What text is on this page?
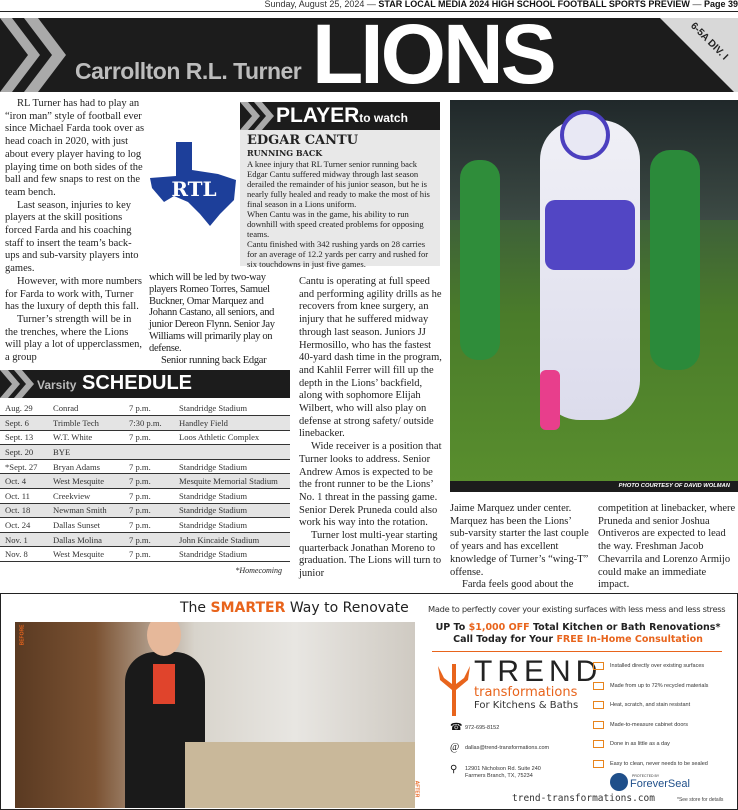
Sunday, August 25, 2024 — STAR LOCAL MEDIA 2024 HIGH SCHOOL FOOTBALL SPORTS PREVIEW — Page 39
Carrollton R.L. Turner LIONS	6-5A DIV. I

RL Turner has had to play an “iron man” style of football ever since Michael Farda took over as head coach in 2020, with just about every player having to log playing time on both sides of the ball and few snaps to rest on the team bench.

Last season, injuries to key players at the skill positions forced Farda and his coaching staff to insert the team’s back-ups and sub-varsity players into games.

However, with more numbers for Farda to work with, Turner has the luxury of depth this fall.

Turner’s strength will be in the trenches, where the Lions will play a lot of upperclassmen, a group

RTL
PLAYERto watch
EDGAR CANTU
RUNNING BACK

A knee injury that RL Turner senior running back Edgar Cantu suffered midway through last season derailed the remainder of his junior season, but he is nearly fully healed and ready to make the most of his final season in a Lions uniform.

When Cantu was in the game, his ability to run downhill with speed created problems for opposing teams.

Cantu finished with 342 rushing yards on 28 carries for an average of 12.2 yards per carry and rushed for six touchdowns in just five games.

which will be led by two-way players Romeo Torres, Samuel Buckner, Omar Marquez and Johann Castano, all seniors, and junior Dereon Flynn. Senior Jay Williams will primarily play on defense.

Senior running back Edgar

Cantu is operating at full speed and performing agility drills as he recovers from knee surgery, an injury that he suffered midway through last season. Juniors JJ Hermosillo, who has the fastest 40-yard dash time in the program, and Kahlil Ferrer will fill up the depth in the Lions’ backfield, along with sophomore Elijah Wilbert, who will also play on defense at strong safety/ outside linebacker.

Wide receiver is a position that Turner looks to address. Senior Andrew Amos is expected to be the front runner to be the Lions’ No. 1 threat in the passing game. Senior Derek Pruneda could also work his way into the rotation.

Turner lost multi-year starting quarterback Jonathan Moreno to graduation. The Lions will turn to junior

Varsity SCHEDULE
Aug. 29	Conrad	7 p.m.	Standridge Stadium
Sept. 6	Trimble Tech	7:30 p.m.	Handley Field
Sept. 13	W.T. White	7 p.m.	Loos Athletic Complex
Sept. 20	BYE		
*Sept. 27	Bryan Adams	7 p.m.	Standridge Stadium
Oct. 4	West Mesquite	7 p.m.	Mesquite Memorial Stadium
Oct. 11	Creekview	7 p.m.	Standridge Stadium
Oct. 18	Newman Smith	7 p.m.	Standridge Stadium
Oct. 24	Dallas Sunset	7 p.m.	Standridge Stadium
Nov. 1	Dallas Molina	7 p.m.	John Kincaide Stadium
Nov. 8	West Mesquite	7 p.m.	Standridge Stadium
*Homecoming
PHOTO COURTESY OF DAVID WOLMAN

Jaime Marquez under center. Marquez has been the Lions’ sub-varsity starter the last couple of years and has excellent knowledge of Turner’s “wing-T” offense.

Farda feels good about the

competition at linebacker, where Pruneda and senior Joshua Ontiveros are expected to lead the way. Freshman Jacob Chevarrila and Lorenzo Armijo could make an immediate impact.

The SMARTER Way to Renovate
BEFORE
AFTER
Made to perfectly cover your existing surfaces with less mess and less stress
UP To $1,000 OFF Total Kitchen or Bath Renovations*
Call Today for Your FREE In-Home Consultation
TREND
transformations
For Kitchens & Baths
Installed directly over existing surfaces
Made from up to 72% recycled materials
Heat, scratch, and stain resistant
Made-to-measure cabinet doors
Done in as little as a day
Easy to clean, never needs to be sealed
☎ 972-695-8152
@ dallas@trend-transformations.com
⚲ 12901 Nicholson Rd. Suite 240
Farmers Branch, TX, 75234	PROTECTED BY
ForeverSeal
trend-transformations.com	*See store for details
